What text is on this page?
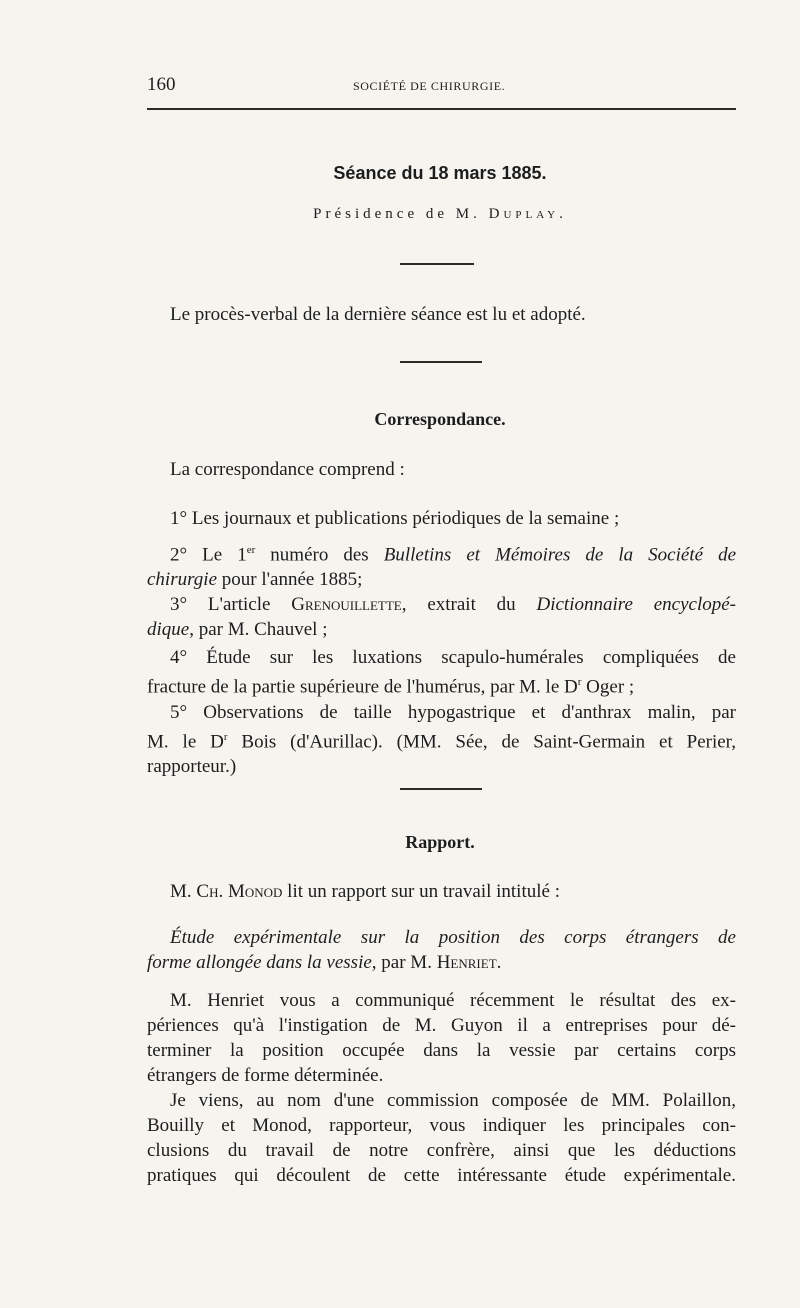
160	SOCIÉTÉ DE CHIRURGIE.
Séance du 18 mars 1885.
Présidence de M. Duplay.
Le procès-verbal de la dernière séance est lu et adopté.
Correspondance.
La correspondance comprend :
1° Les journaux et publications périodiques de la semaine ;
2° Le 1er numéro des Bulletins et Mémoires de la Société de
chirurgie pour l'année 1885;
3° L'article Grenouillette, extrait du Dictionnaire encyclopé-
dique, par M. Chauvel ;
4° Étude sur les luxations scapulo-humérales compliquées de
fracture de la partie supérieure de l'humérus, par M. le $D^r$ Oger ;
5° Observations de taille hypogastrique et d'anthrax malin, par
M. le $D^r$ Bois (d'Aurillac). (MM. Sée, de Saint-Germain et Perier,
rapporteur.)
Rapport.
M. Ch. Monod lit un rapport sur un travail intitulé :
Étude expérimentale sur la position des corps étrangers de
forme allongée dans la vessie, par M. Henriet.
M. Henriet vous a communiqué récemment le résultat des ex-
périences qu'à l'instigation de M. Guyon il a entreprises pour dé-
terminer la position occupée dans la vessie par certains corps
étrangers de forme déterminée.
Je viens, au nom d'une commission composée de MM. Polaillon,
Bouilly et Monod, rapporteur, vous indiquer les principales con-
clusions du travail de notre confrère, ainsi que les déductions
pratiques qui découlent de cette intéressante étude expérimentale.
